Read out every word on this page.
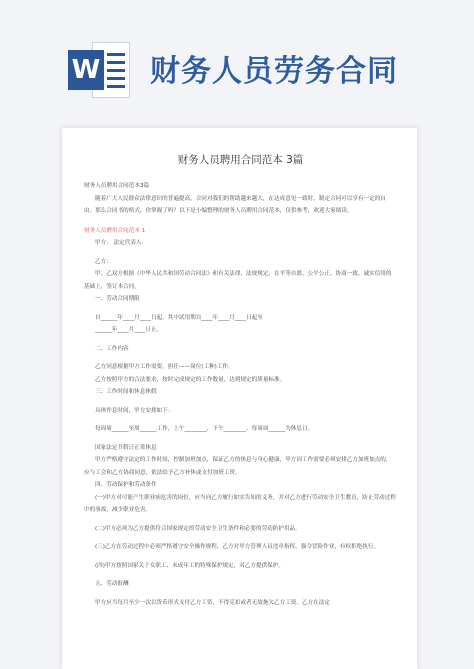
W 财务人员劳务合同
财务人员聘用合同范本 3篇

财务人员聘用合同范本3篇

随着广大人民群众法律意识的普遍提高，合同对我们的帮助越来越大，在达成意见一致时，制定合同可以享有一定的自由。那么合同书的格式，你掌握了吗？以下是小编整理的财务人员聘用合同范本，仅供参考，欢迎大家阅读。

财务人员聘用合同范本 1

甲方： 法定代表人：

乙方：

甲、乙双方根据《中华人民共和国劳动合同法》和有关法律、法规规定，在平等自愿、公平公正、协商一致、诚实信用的基础上，签订本合同。

一、劳动合同期限

自______年____月____日起，其中试用期自____年____月____日起至

______年____月____日止。

二、工作内容

乙方同意根据甲方工作需要，担任——岗位(工种)工作。

乙方按照甲方的合法要求，按时完成规定的工作数量，达到规定的质量标准。

三、工作时间和休息休假

具体作息时间，甲方安排如下：

每周周______至周______工作，上午________，下午________，每周周______为休息日。

国家法定节假日正常休息

甲方严格遵守法定的工作时间，控制加班加点，保证乙方的休息与身心健康，甲方因工作需要必须安排乙方加班加点的，应与工会和乙方协商同意，依法给予乙方补休或支付加班工资。

四、劳动保护和劳动条件

(一)甲方对可能产生职业病危害的岗位，应当向乙方履行如实告知的义务，并对乙方进行劳动安全卫生教育，防止劳动过程中的事故，减少职业危害。

(二)甲方必须为乙方提供符合国家规定的劳动安全卫生条件和必要的劳动防护用品。

(三)乙方在劳动过程中必须严格遵守安全操作规程，乙方对甲方管理人员违章指挥，强令冒险作业，有权拒绝执行。

(四)甲方按照国家关于女职工、未成年工的特殊保护规定，对乙方提供保护。

五、劳动报酬

甲方应当每月至少一次以货币形式支付乙方工资，不得克扣或者无故拖欠乙方工资。乙方在法定
